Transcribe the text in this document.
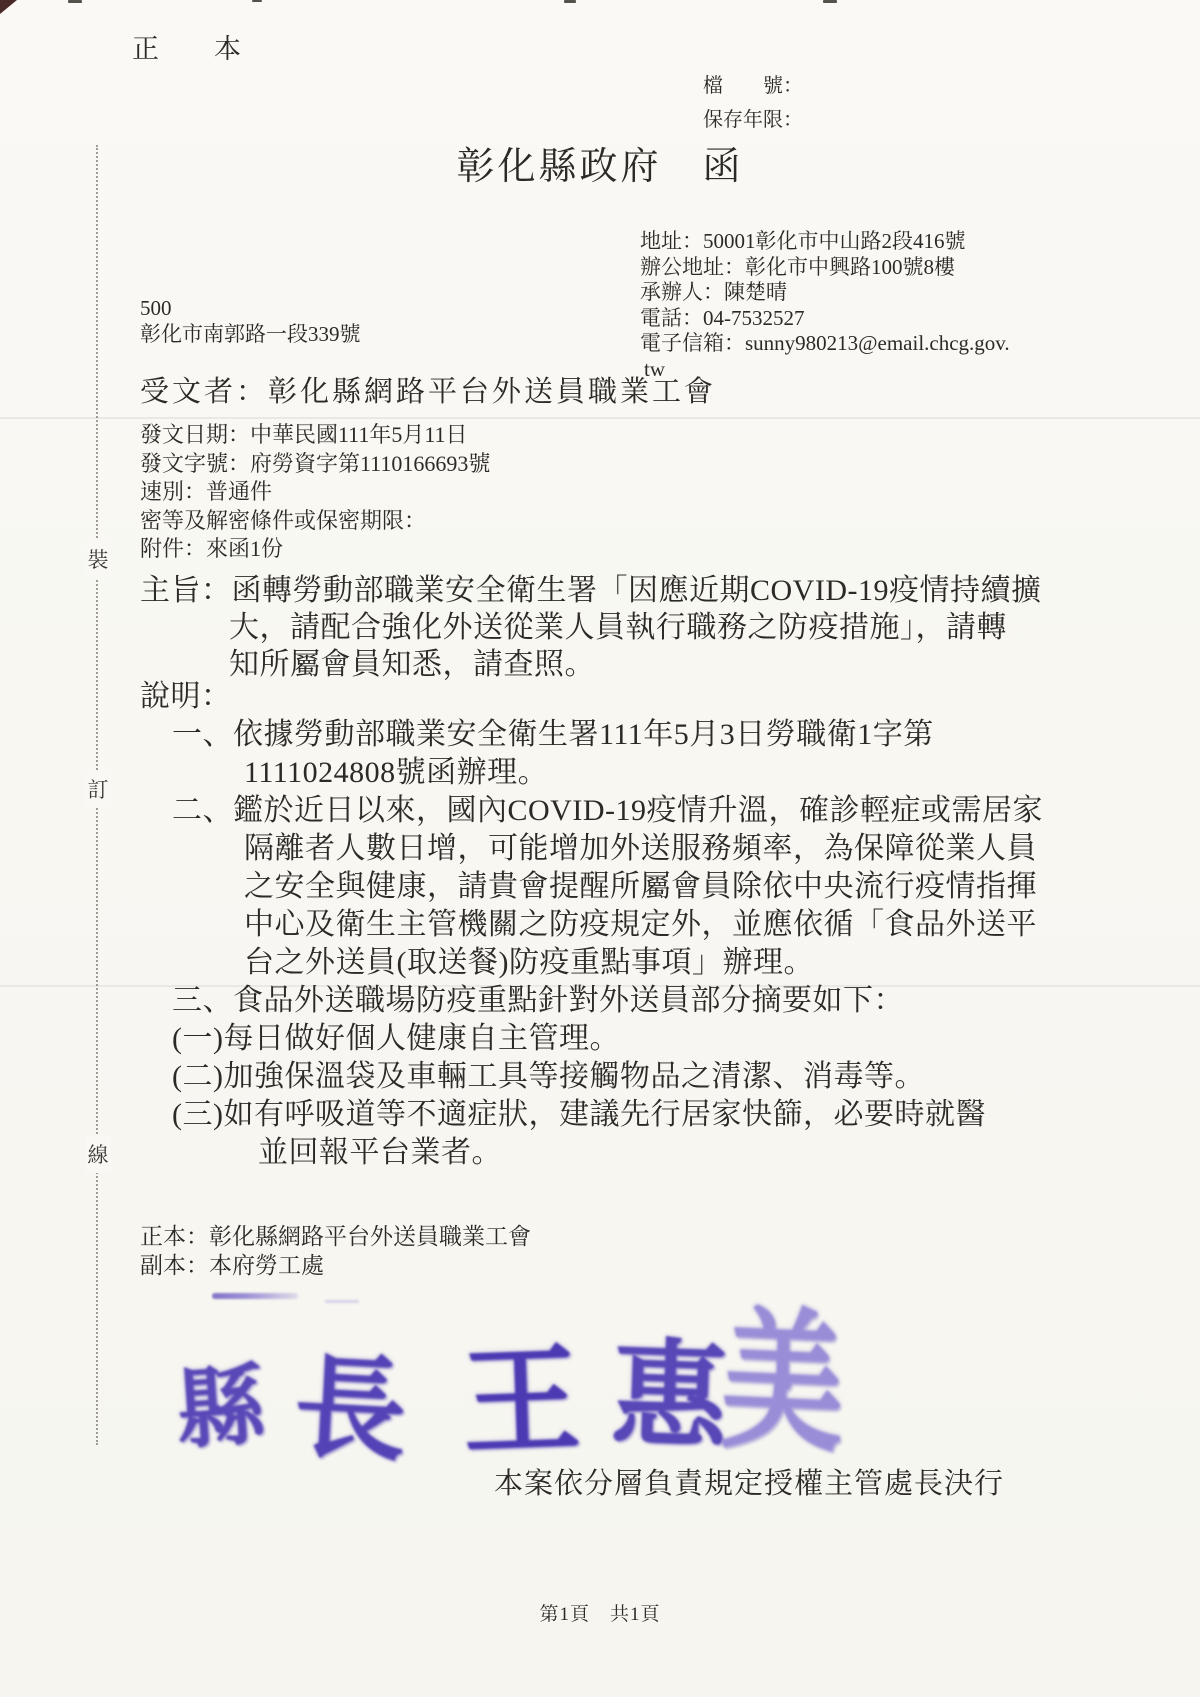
裝
訂
線
正　本
檔　　號：
保存年限：
彰化縣政府　函
地址：50001彰化市中山路2段416號
辦公地址：彰化市中興路100號8樓
承辦人：陳楚晴
電話：04-7532527
電子信箱：sunny980213@email.chcg.gov.
tw
500
彰化市南郭路一段339號
受文者：彰化縣網路平台外送員職業工會
發文日期：中華民國111年5月11日
發文字號：府勞資字第1110166693號
速別：普通件
密等及解密條件或保密期限：
附件：來函1份
主旨：函轉勞動部職業安全衛生署「因應近期COVID-19疫情持續擴
大，請配合強化外送從業人員執行職務之防疫措施」，請轉
知所屬會員知悉，請查照。
說明：
一、依據勞動部職業安全衛生署111年5月3日勞職衛1字第
1111024808號函辦理。
二、鑑於近日以來，國內COVID-19疫情升溫，確診輕症或需居家
隔離者人數日增，可能增加外送服務頻率，為保障從業人員
之安全與健康，請貴會提醒所屬會員除依中央流行疫情指揮
中心及衛生主管機關之防疫規定外，並應依循「食品外送平
台之外送員(取送餐)防疫重點事項」辦理。
三、食品外送職場防疫重點針對外送員部分摘要如下：
(一)每日做好個人健康自主管理。
(二)加強保溫袋及車輛工具等接觸物品之清潔、消毒等。
(三)如有呼吸道等不適症狀，建議先行居家快篩，必要時就醫
並回報平台業者。
正本：彰化縣網路平台外送員職業工會
副本：本府勞工處
縣 長 王 惠
美
本案依分層負責規定授權主管處長決行
第1頁　共1頁
